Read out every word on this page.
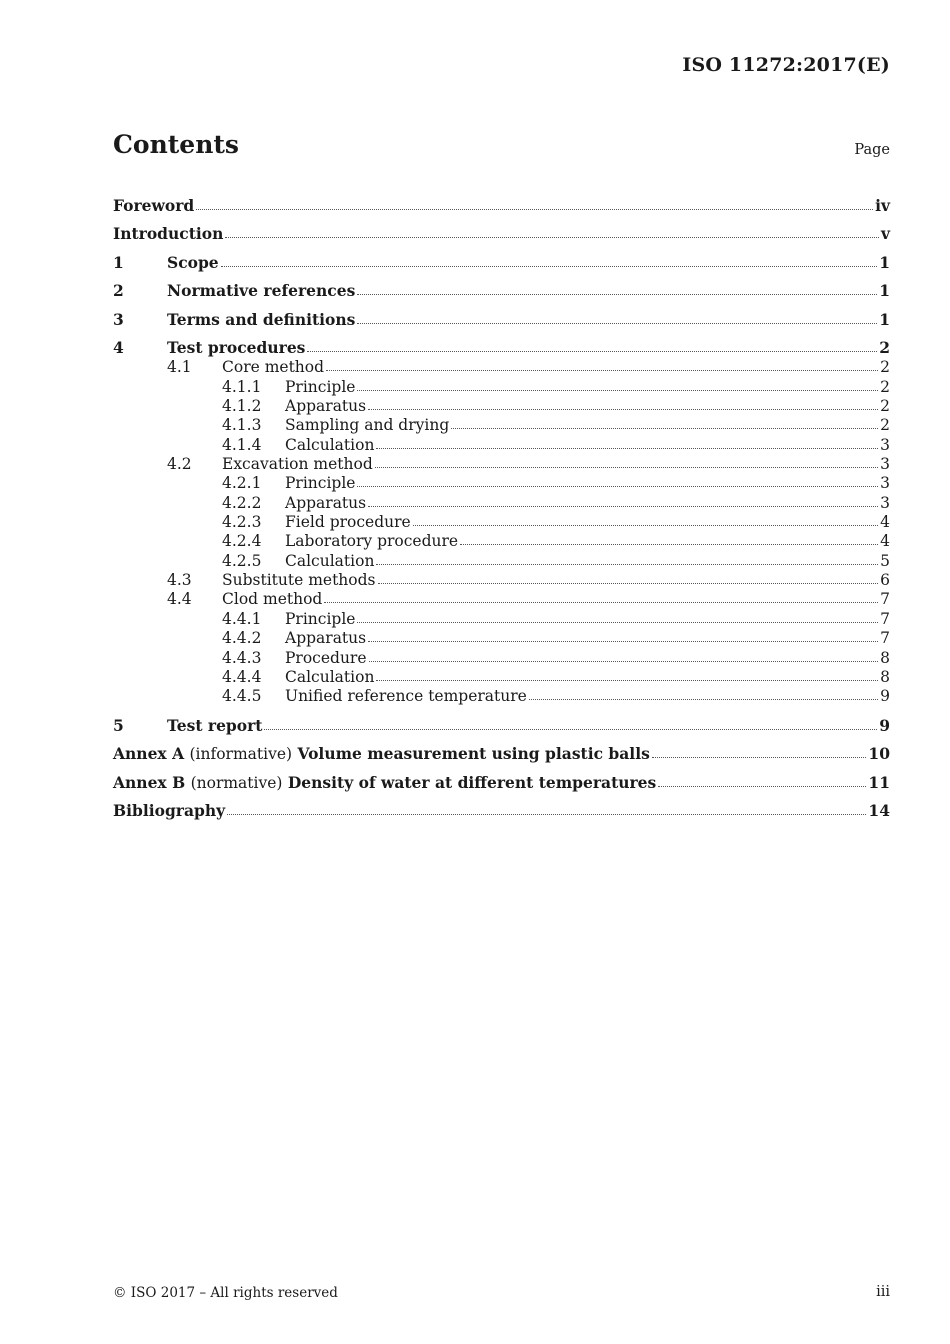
ISO 11272:2017(E)
Contents	Page
Foreword	iv
Introduction	v
1	Scope	1
2	Normative references	1
3	Terms and definitions	1
4	Test procedures	2
4.1	Core method	2
4.1.1	Principle	2
4.1.2	Apparatus	2
4.1.3	Sampling and drying	2
4.1.4	Calculation	3
4.2	Excavation method	3
4.2.1	Principle	3
4.2.2	Apparatus	3
4.2.3	Field procedure	4
4.2.4	Laboratory procedure	4
4.2.5	Calculation	5
4.3	Substitute methods	6
4.4	Clod method	7
4.4.1	Principle	7
4.4.2	Apparatus	7
4.4.3	Procedure	8
4.4.4	Calculation	8
4.4.5	Unified reference temperature	9
5	Test report	9
Annex A (informative) Volume measurement using plastic balls	10
Annex B (normative) Density of water at different temperatures	11
Bibliography	14
© ISO 2017 – All rights reserved	iii
